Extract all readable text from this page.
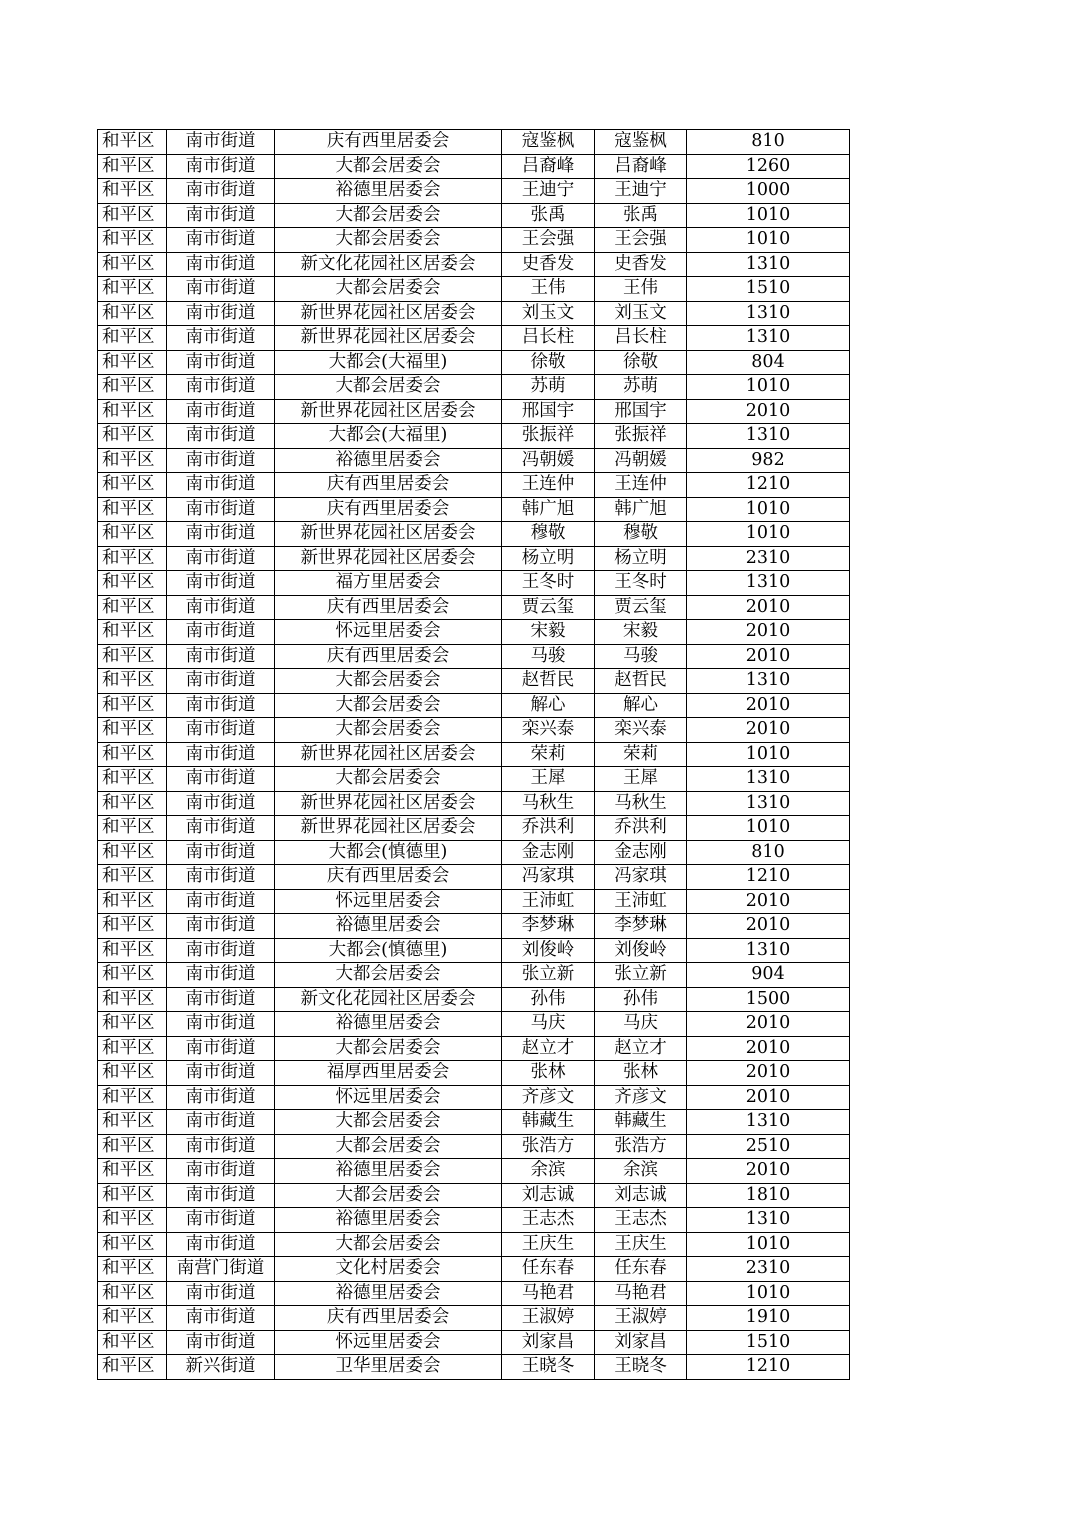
和平区	南市街道	庆有西里居委会	寇鉴枫	寇鉴枫	810
和平区	南市街道	大都会居委会	吕裔峰	吕裔峰	1260
和平区	南市街道	裕德里居委会	王迪宁	王迪宁	1000
和平区	南市街道	大都会居委会	张禹	张禹	1010
和平区	南市街道	大都会居委会	王会强	王会强	1010
和平区	南市街道	新文化花园社区居委会	史香发	史香发	1310
和平区	南市街道	大都会居委会	王伟	王伟	1510
和平区	南市街道	新世界花园社区居委会	刘玉文	刘玉文	1310
和平区	南市街道	新世界花园社区居委会	吕长柱	吕长柱	1310
和平区	南市街道	大都会(大福里)	徐敬	徐敬	804
和平区	南市街道	大都会居委会	苏萌	苏萌	1010
和平区	南市街道	新世界花园社区居委会	邢国宇	邢国宇	2010
和平区	南市街道	大都会(大福里)	张振祥	张振祥	1310
和平区	南市街道	裕德里居委会	冯朝媛	冯朝媛	982
和平区	南市街道	庆有西里居委会	王连仲	王连仲	1210
和平区	南市街道	庆有西里居委会	韩广旭	韩广旭	1010
和平区	南市街道	新世界花园社区居委会	穆敬	穆敬	1010
和平区	南市街道	新世界花园社区居委会	杨立明	杨立明	2310
和平区	南市街道	福方里居委会	王冬时	王冬时	1310
和平区	南市街道	庆有西里居委会	贾云玺	贾云玺	2010
和平区	南市街道	怀远里居委会	宋毅	宋毅	2010
和平区	南市街道	庆有西里居委会	马骏	马骏	2010
和平区	南市街道	大都会居委会	赵哲民	赵哲民	1310
和平区	南市街道	大都会居委会	解心	解心	2010
和平区	南市街道	大都会居委会	栾兴泰	栾兴泰	2010
和平区	南市街道	新世界花园社区居委会	荣莉	荣莉	1010
和平区	南市街道	大都会居委会	王犀	王犀	1310
和平区	南市街道	新世界花园社区居委会	马秋生	马秋生	1310
和平区	南市街道	新世界花园社区居委会	乔洪利	乔洪利	1010
和平区	南市街道	大都会(慎德里)	金志刚	金志刚	810
和平区	南市街道	庆有西里居委会	冯家琪	冯家琪	1210
和平区	南市街道	怀远里居委会	王沛虹	王沛虹	2010
和平区	南市街道	裕德里居委会	李梦琳	李梦琳	2010
和平区	南市街道	大都会(慎德里)	刘俊岭	刘俊岭	1310
和平区	南市街道	大都会居委会	张立新	张立新	904
和平区	南市街道	新文化花园社区居委会	孙伟	孙伟	1500
和平区	南市街道	裕德里居委会	马庆	马庆	2010
和平区	南市街道	大都会居委会	赵立才	赵立才	2010
和平区	南市街道	福厚西里居委会	张林	张林	2010
和平区	南市街道	怀远里居委会	齐彦文	齐彦文	2010
和平区	南市街道	大都会居委会	韩藏生	韩藏生	1310
和平区	南市街道	大都会居委会	张浩方	张浩方	2510
和平区	南市街道	裕德里居委会	余滨	余滨	2010
和平区	南市街道	大都会居委会	刘志诚	刘志诚	1810
和平区	南市街道	裕德里居委会	王志杰	王志杰	1310
和平区	南市街道	大都会居委会	王庆生	王庆生	1010
和平区	南营门街道	文化村居委会	任东春	任东春	2310
和平区	南市街道	裕德里居委会	马艳君	马艳君	1010
和平区	南市街道	庆有西里居委会	王淑婷	王淑婷	1910
和平区	南市街道	怀远里居委会	刘家昌	刘家昌	1510
和平区	新兴街道	卫华里居委会	王晓冬	王晓冬	1210
